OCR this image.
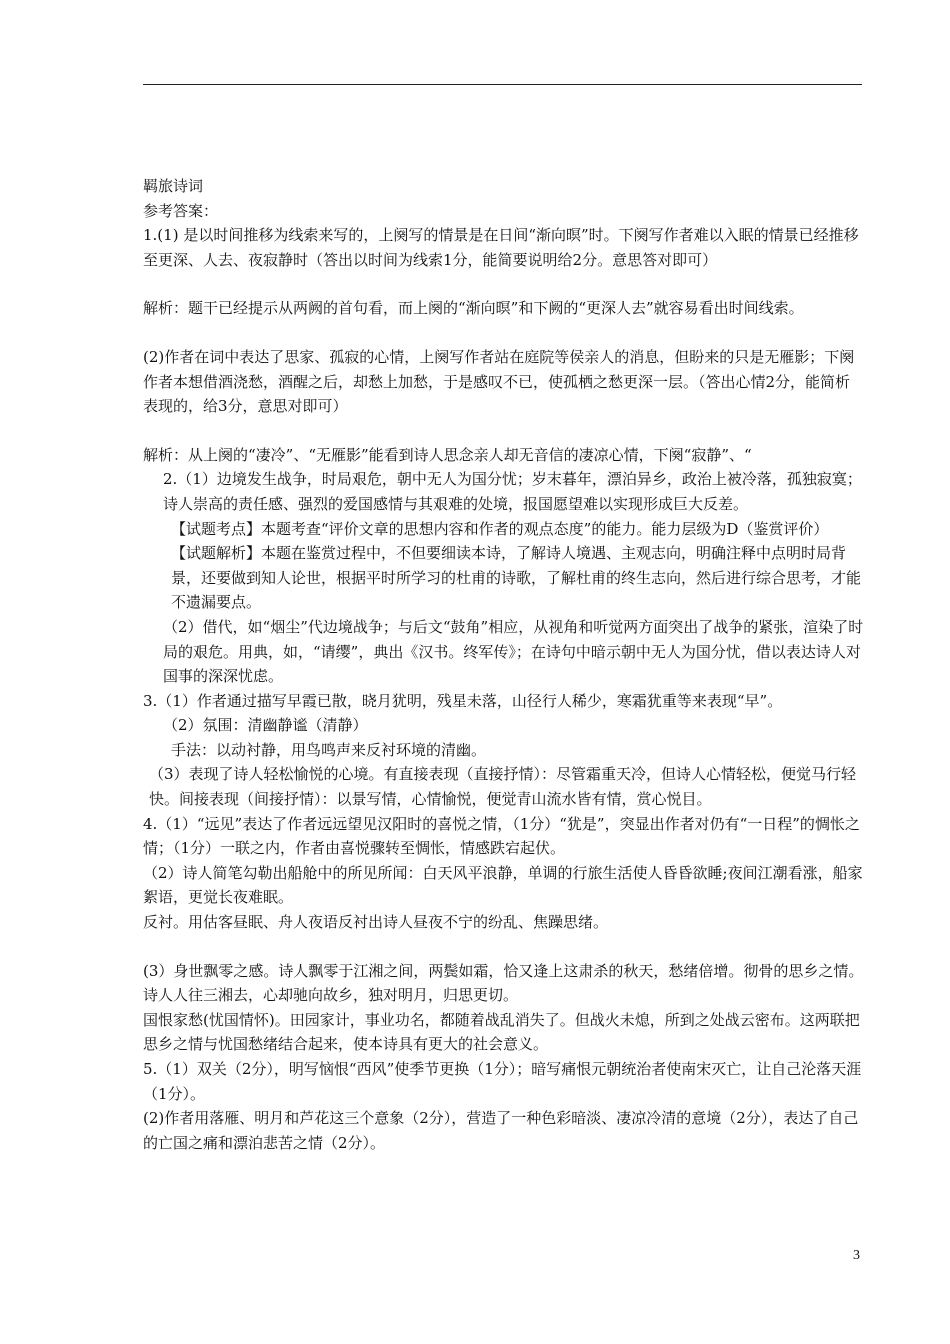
羁旅诗词

参考答案：

1.(1) 是以时间推移为线索来写的，上阕写的情景是在日间“渐向暝”时。下阕写作者难以入眠的情景已经推移至更深、人去、夜寂静时（答出以时间为线索1分，能简要说明给2分。意思答对即可）

解析：题干已经提示从两阙的首句看，而上阕的“渐向暝”和下阙的“更深人去”就容易看出时间线索。

(2)作者在词中表达了思家、孤寂的心情，上阕写作者站在庭院等侯亲人的消息，但盼来的只是无雁影；下阕作者本想借酒浇愁，酒醒之后，却愁上加愁，于是感叹不已，使孤栖之愁更深一层。（答出心情2分，能简析表现的，给3分，意思对即可）

解析：从上阕的“凄冷”、“无雁影”能看到诗人思念亲人却无音信的凄凉心情，下阕“寂静”、“

2.（1）边境发生战争，时局艰危，朝中无人为国分忧；岁末暮年，漂泊异乡，政治上被冷落，孤独寂寞；诗人崇高的责任感、强烈的爱国感情与其艰难的处境，报国愿望难以实现形成巨大反差。

【试题考点】本题考查“评价文章的思想内容和作者的观点态度”的能力。能力层级为D（鉴赏评价）

【试题解析】本题在鉴赏过程中，不但要细读本诗，了解诗人境遇、主观志向，明确注释中点明时局背景，还要做到知人论世，根据平时所学习的杜甫的诗歌，了解杜甫的终生志向，然后进行综合思考，才能不遗漏要点。

（2）借代，如“烟尘”代边境战争；与后文“鼓角”相应，从视角和听觉两方面突出了战争的紧张，渲染了时局的艰危。用典，如，“请缨”，典出《汉书。终军传》；在诗句中暗示朝中无人为国分忧，借以表达诗人对国事的深深忧虑。

3.（1）作者通过描写早霞已散，晓月犹明，残星未落，山径行人稀少，寒霜犹重等来表现“早”。

（2）氛围：清幽静谧（清静）

手法：以动衬静，用鸟鸣声来反衬环境的清幽。

（3）表现了诗人轻松愉悦的心境。有直接表现（直接抒情）：尽管霜重天冷，但诗人心情轻松，便觉马行轻快。间接表现（间接抒情）：以景写情，心情愉悦，便觉青山流水皆有情，赏心悦目。

4.（1）“远见”表达了作者远远望见汉阳时的喜悦之情，（1分）“犹是”，突显出作者对仍有“一日程”的惆怅之情；（1分）一联之内，作者由喜悦骤转至惆怅，情感跌宕起伏。

（2）诗人简笔勾勒出船舱中的所见所闻：白天风平浪静，单调的行旅生活使人昏昏欲睡;夜间江潮看涨，船家絮语，更觉长夜难眠。

反衬。用估客昼眠、舟人夜语反衬出诗人昼夜不宁的纷乱、焦躁思绪。

(3）身世飘零之感。诗人飘零于江湘之间，两鬓如霜，恰又逢上这肃杀的秋天，愁绪倍增。彻骨的思乡之情。诗人人往三湘去，心却驰向故乡，独对明月，归思更切。

国恨家愁(忧国情怀)。田园家计，事业功名，都随着战乱消失了。但战火未熄，所到之处战云密布。这两联把思乡之情与忧国愁绪结合起来，使本诗具有更大的社会意义。

5.（1）双关（2分），明写恼恨“西风”使季节更换（1分）；暗写痛恨元朝统治者使南宋灭亡，让自己沦落天涯（1分）。

(2)作者用落雁、明月和芦花这三个意象（2分），营造了一种色彩暗淡、凄凉冷清的意境（2分），表达了自己的亡国之痛和漂泊悲苦之情（2分）。

3
